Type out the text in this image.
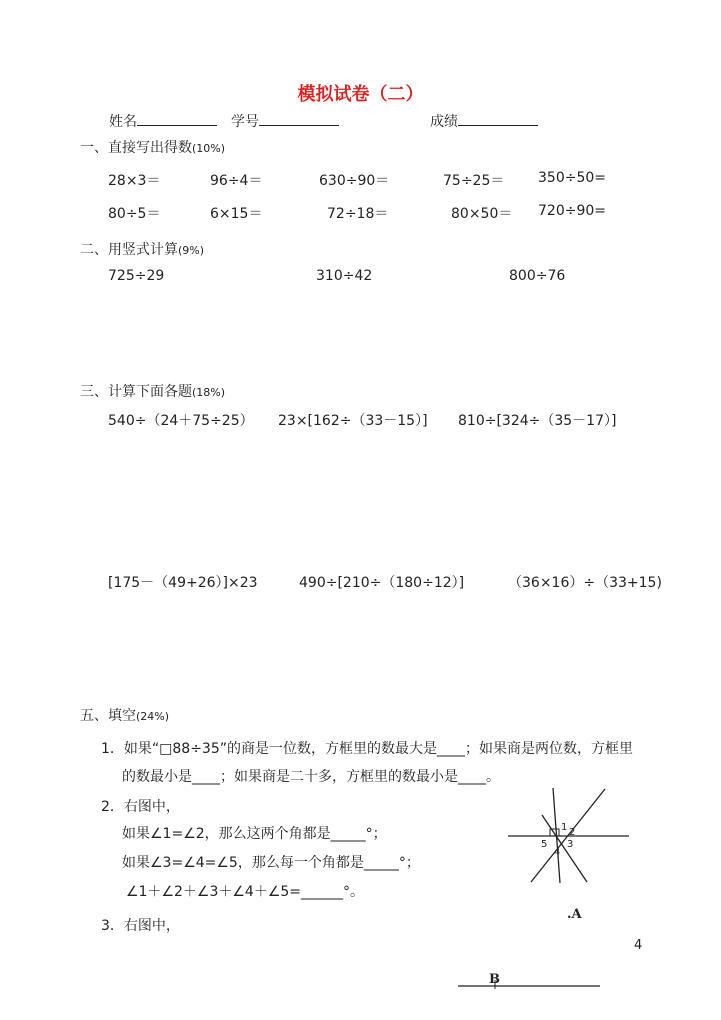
模拟试卷（二）
姓名	学号	成绩
一、直接写出得数(10%)
28×3＝	96÷4＝	630÷90＝	75÷25＝ 350÷50=
80÷5＝	6×15＝	72÷18＝	80×50＝ 720÷90=
二、用竖式计算(9%)
725÷29	310÷42	800÷76
三、计算下面各题(18%)
540÷（24＋75÷25） 23×[162÷（33－15）] 810÷[324÷（35－17）]
[175－（49+26）]×23	490÷[210÷（180÷12）]	（36×16）÷（33+15)
五、填空(24%)
1．如果“□88÷35”的商是一位数，方框里的数最大是____；如果商是两位数，方框里
的数最小是____；如果商是二十多，方框里的数最小是____。
2．右图中，
如果∠1=∠2，那么这两个角都是_____°；
如果∠3=∠4=∠5，那么每一个角都是_____°；
∠1＋∠2＋∠3＋∠4＋∠5=______°。
3．右图中，
1 2
3
4
5
.A
B
4
